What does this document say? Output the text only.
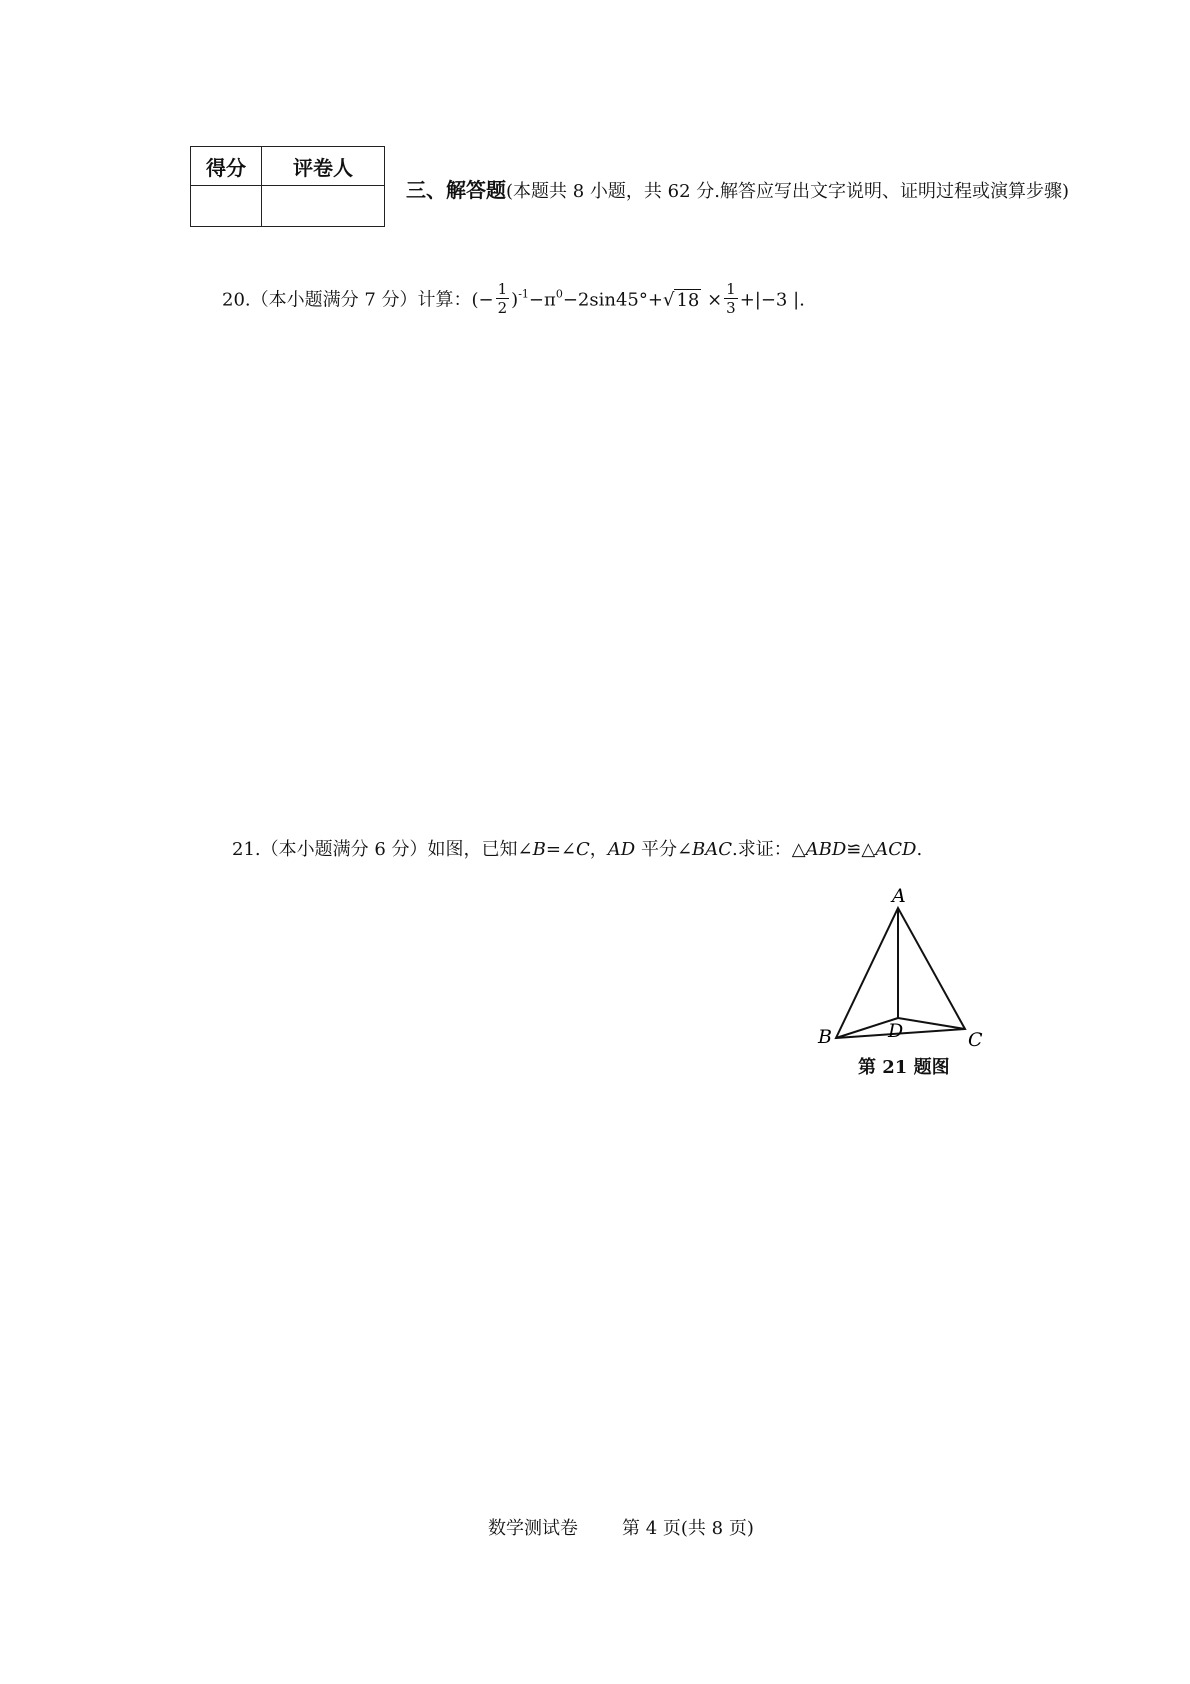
得分	评卷人

三、解答题(本题共 8 小题，共 62 分.解答应写出文字说明、证明过程或演算步骤)
20.（本小题满分 7 分）计算：(− $\frac{1}{2} )^{-1}-\pi^0-2\sin 45^\circ+√$ $18 \times \frac{1}{3} +|-3$ |.
21.（本小题满分 6 分）如图，已知∠B=∠C，AD 平分∠BAC.求证：△ABD≌△ACD.
A
B	D	C
第 21 题图
数学测试卷 第 4 页(共 8 页)
